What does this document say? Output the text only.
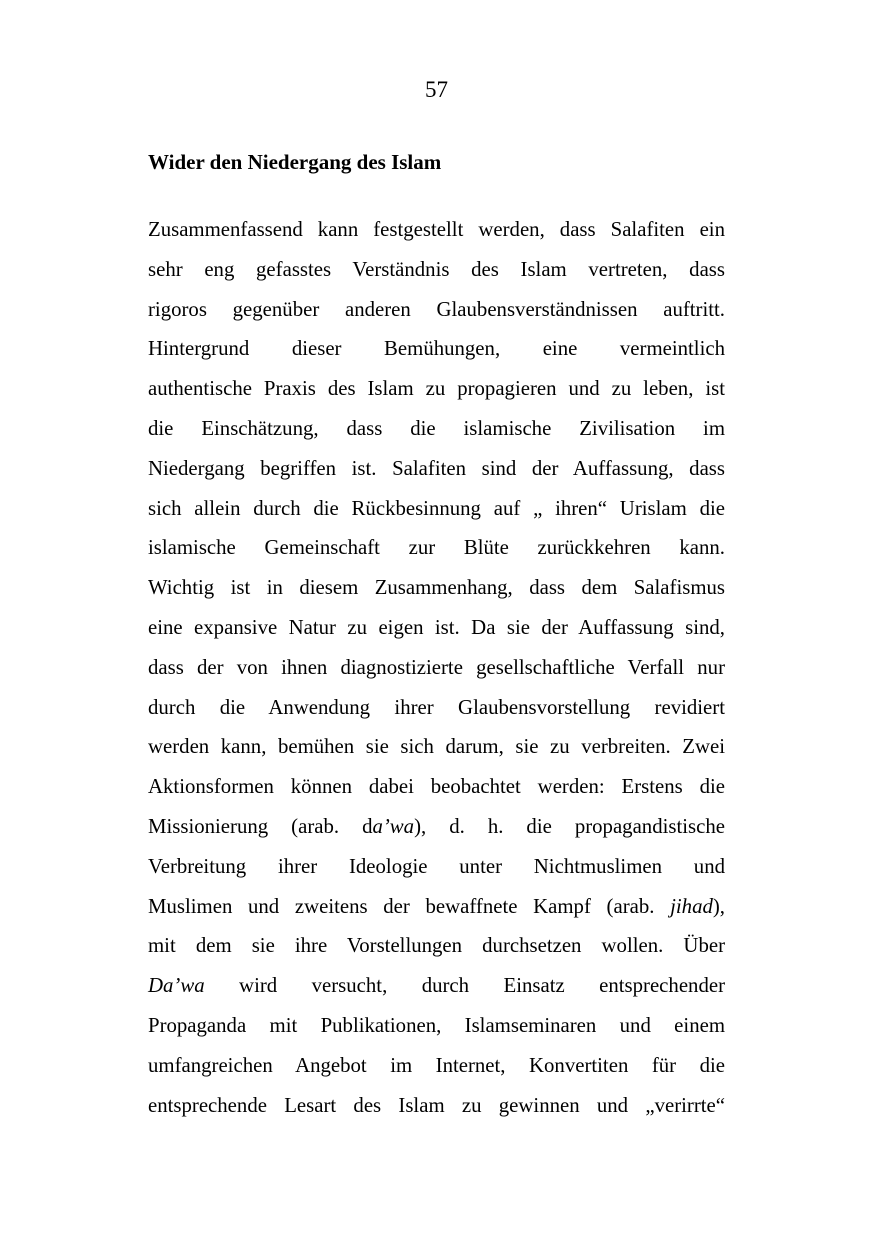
57
Wider den Niedergang des Islam
Zusammenfassend kann festgestellt werden, dass Salafiten ein
sehr eng gefasstes Verständnis des Islam vertreten, dass
rigoros gegenüber anderen Glaubensverständnissen auftritt.
Hintergrund dieser Bemühungen, eine vermeintlich
authentische Praxis des Islam zu propagieren und zu leben, ist
die Einschätzung, dass die islamische Zivilisation im
Niedergang begriffen ist. Salafiten sind der Auffassung, dass
sich allein durch die Rückbesinnung auf „ ihren“ Urislam die
islamische Gemeinschaft zur Blüte zurückkehren kann.
Wichtig ist in diesem Zusammenhang, dass dem Salafismus
eine expansive Natur zu eigen ist. Da sie der Auffassung sind,
dass der von ihnen diagnostizierte gesellschaftliche Verfall nur
durch die Anwendung ihrer Glaubensvorstellung revidiert
werden kann, bemühen sie sich darum, sie zu verbreiten. Zwei
Aktionsformen können dabei beobachtet werden: Erstens die
Missionierung (arab. da’wa), d. h. die propagandistische
Verbreitung ihrer Ideologie unter Nichtmuslimen und
Muslimen und zweitens der bewaffnete Kampf (arab. jihad),
mit dem sie ihre Vorstellungen durchsetzen wollen. Über
Da’wa wird versucht, durch Einsatz entsprechender
Propaganda mit Publikationen, Islamseminaren und einem
umfangreichen Angebot im Internet, Konvertiten für die
entsprechende Lesart des Islam zu gewinnen und „verirrte“
